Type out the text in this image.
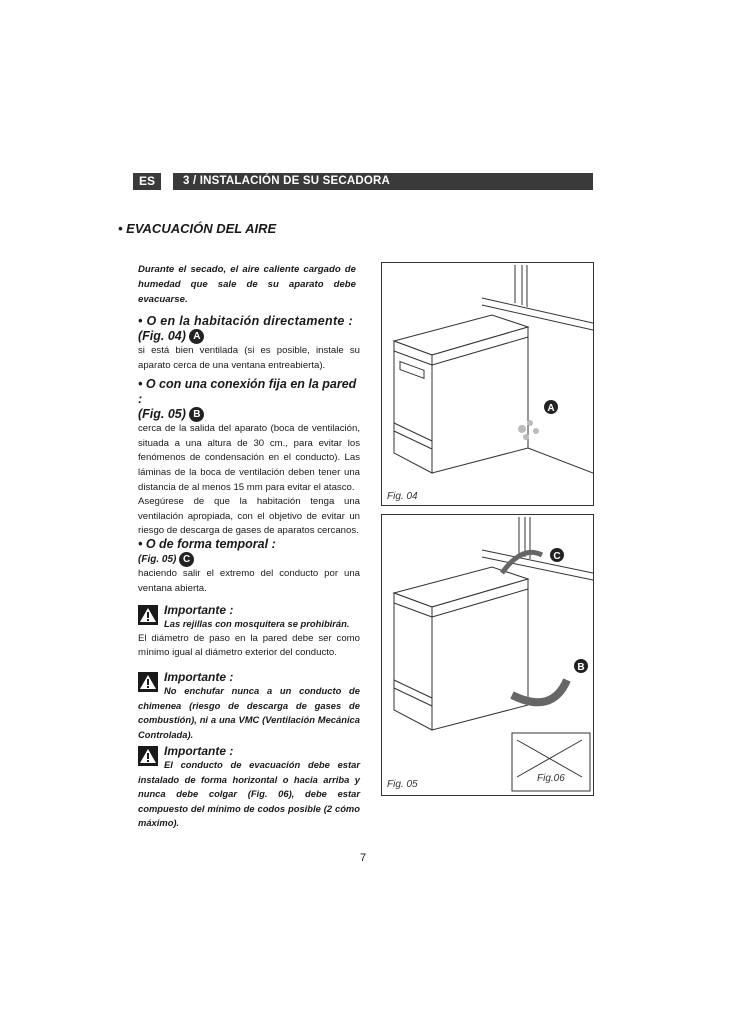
ES	3 / INSTALACIÓN DE SU SECADORA
• EVACUACIÓN DEL AIRE
Durante el secado, el aire caliente cargado de humedad que sale de su aparato debe evacuarse.
• O en la habitación directamente :
(Fig. 04) A
si está bien ventilada (si es posible, instale su aparato cerca de una ventana entreabierta).
• O con una conexión fija en la pared :
(Fig. 05) B
cerca de la salida del aparato (boca de ventilación, situada a una altura de 30 cm., para evitar los fenómenos de condensación en el conducto). Las láminas de la boca de ventilación deben tener una distancia de al menos 15 mm para evitar el atasco.
Asegúrese de que la habitación tenga una ventilación apropiada, con el objetivo de evitar un riesgo de descarga de gases de aparatos cercanos.
• O de forma temporal :
(Fig. 05) C
haciendo salir el extremo del conducto por una ventana abierta.
Importante :
Las rejillas con mosquitera se prohibirán.
El diámetro de paso en la pared debe ser como mínimo igual al diámetro exterior del conducto.
Importante :
No enchufar nunca a un conducto de chimenea (riesgo de descarga de gases de combustión), ni a una VMC (Ventilación Mecánica Controlada).
Importante :
El conducto de evacuación debe estar instalado de forma horizontal o hacia arriba y nunca debe colgar (Fig. 06), debe estar compuesto del mínimo de codos posible (2 cómo máximo).
A
Fig. 04
C
B
Fig. 05
Fig.06
7
